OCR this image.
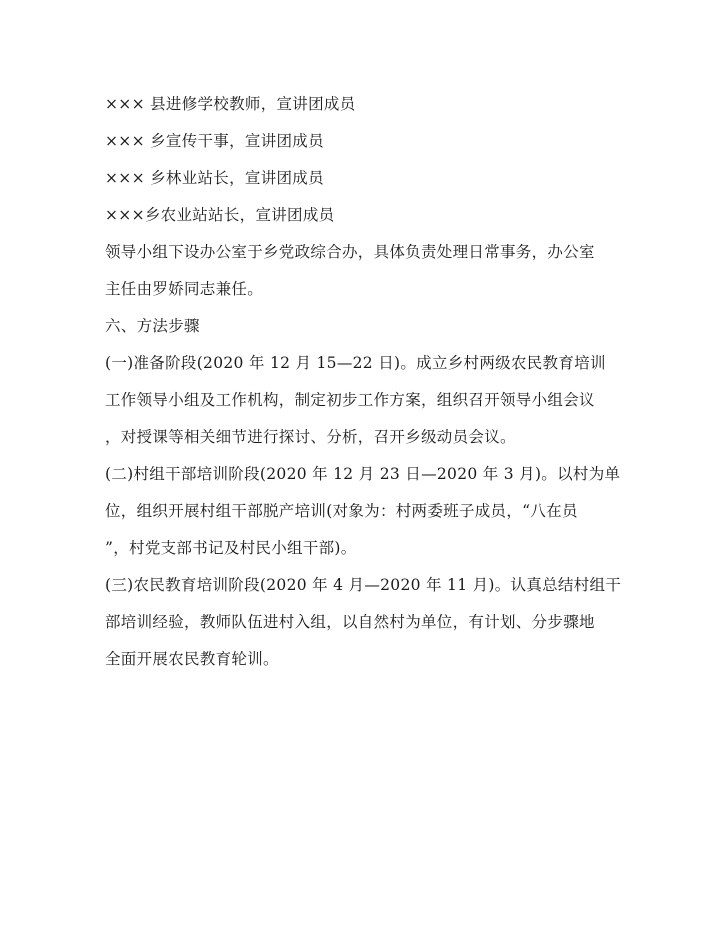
××× 县进修学校教师，宣讲团成员
××× 乡宣传干事，宣讲团成员
××× 乡林业站长，宣讲团成员
×××乡农业站站长，宣讲团成员
领导小组下设办公室于乡党政综合办，具体负责处理日常事务，办公室
主任由罗娇同志兼任。
六、方法步骤
(一)准备阶段(2020 年 12 月 15—22 日)。成立乡村两级农民教育培训
工作领导小组及工作机构，制定初步工作方案，组织召开领导小组会议
，对授课等相关细节进行探讨、分析，召开乡级动员会议。
(二)村组干部培训阶段(2020 年 12 月 23 日—2020 年 3 月)。以村为单
位，组织开展村组干部脱产培训(对象为：村两委班子成员，“八在员
”，村党支部书记及村民小组干部)。
(三)农民教育培训阶段(2020 年 4 月—2020 年 11 月)。认真总结村组干
部培训经验，教师队伍进村入组，以自然村为单位，有计划、分步骤地
全面开展农民教育轮训。
